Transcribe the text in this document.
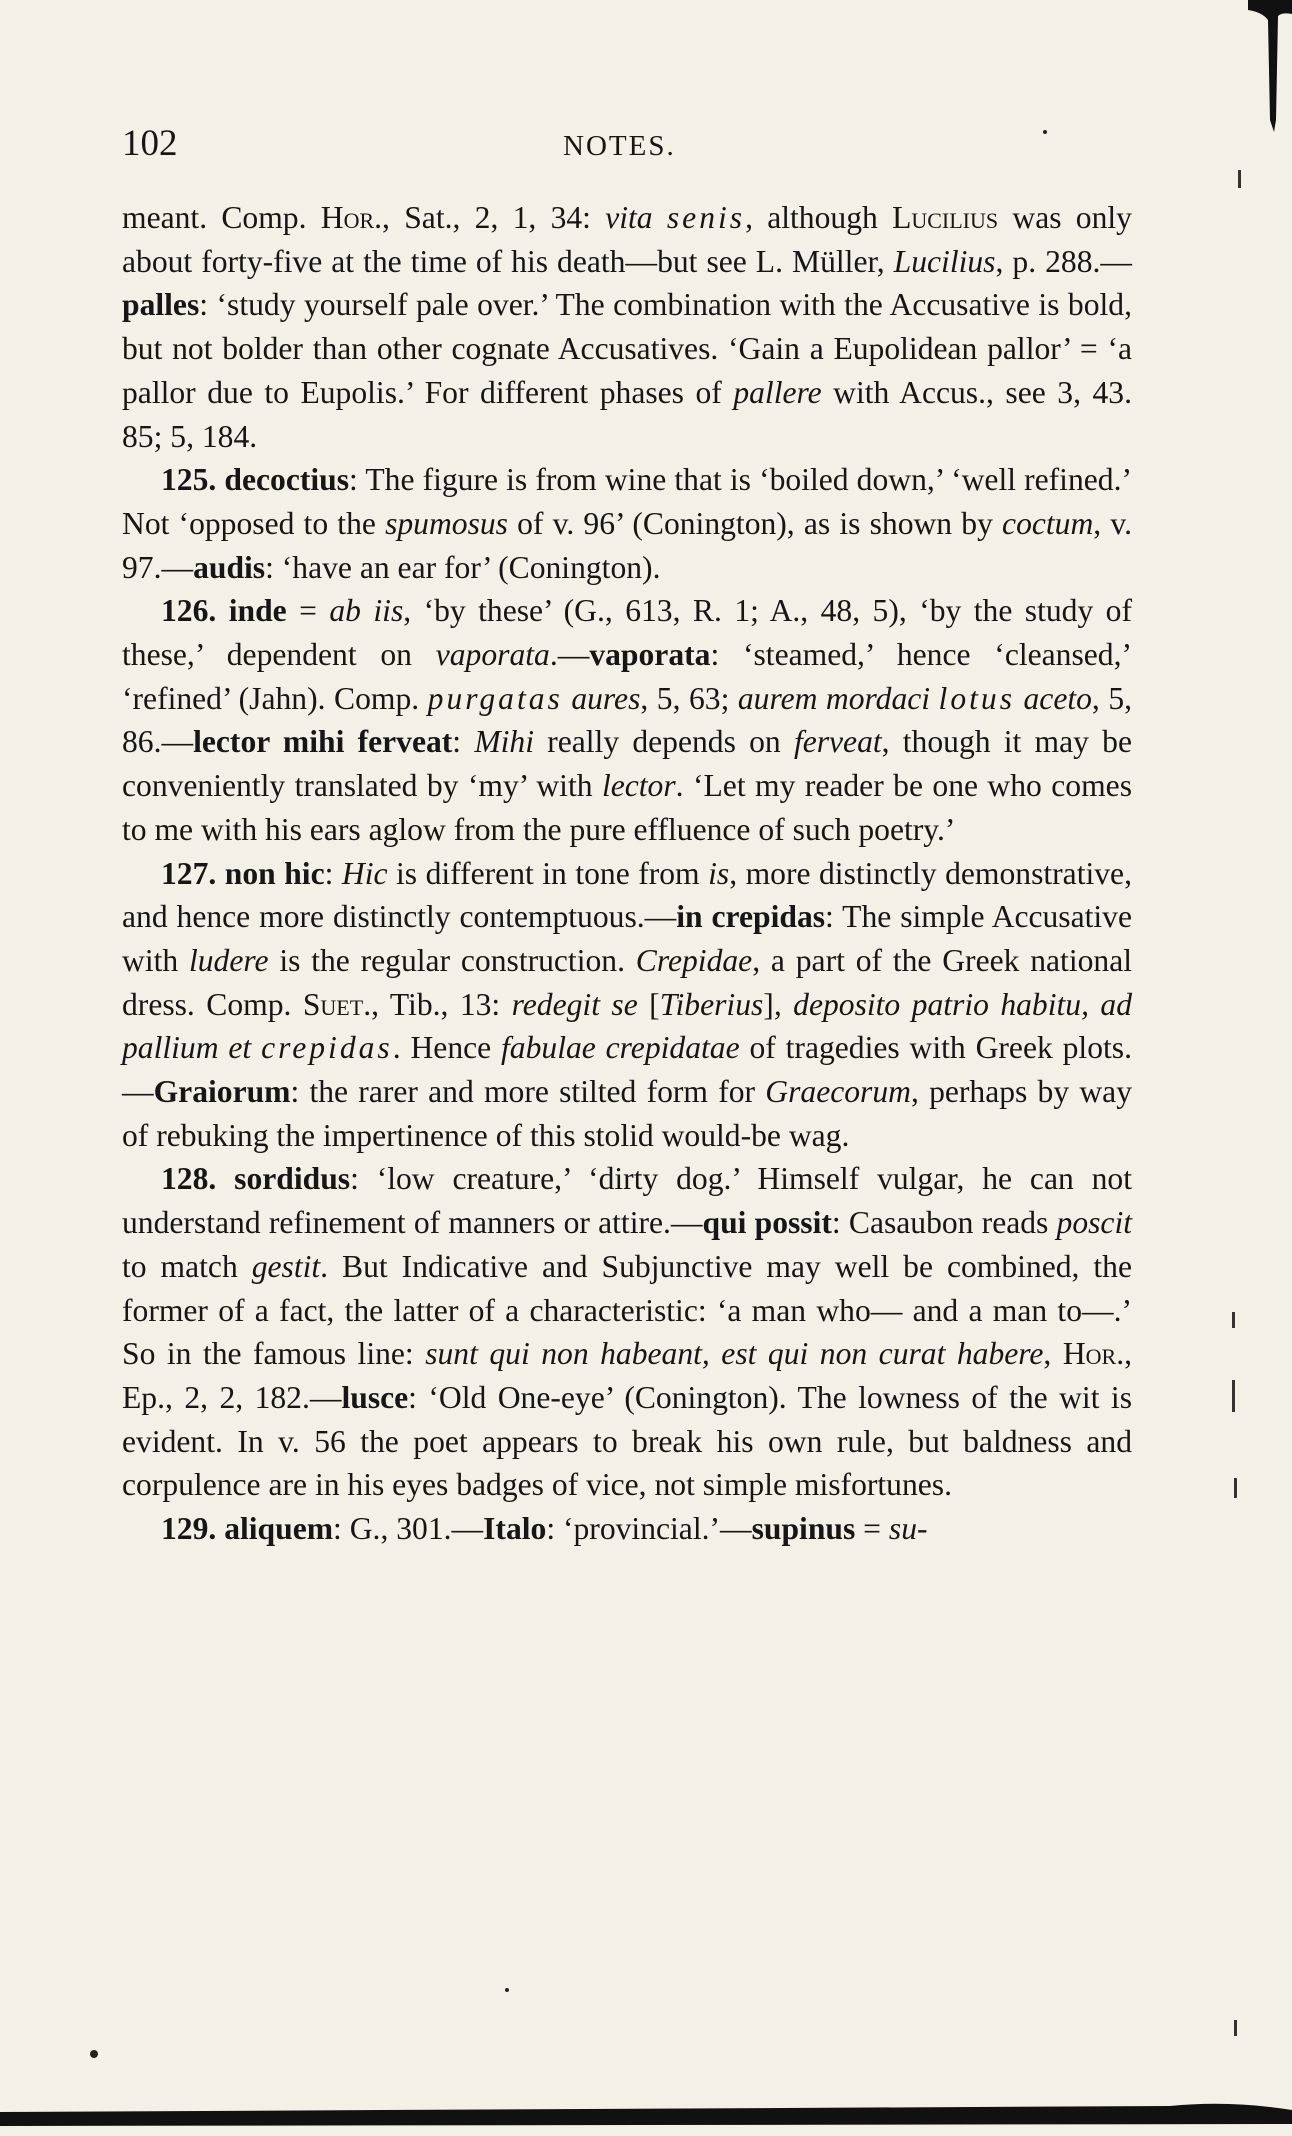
102	NOTES.

meant. Comp. Hor., Sat., 2, 1, 34: vita senis, although Lucilius was only about forty-five at the time of his death—but see L. Müller, Lucilius, p. 288.—palles: ‘study yourself pale over.’ The combination with the Accusative is bold, but not bolder than other cognate Accusatives. ‘Gain a Eupolidean pallor’ = ‘a pallor due to Eupolis.’ For different phases of pallere with Accus., see 3, 43. 85; 5, 184.

125. decoctius: The figure is from wine that is ‘boiled down,’ ‘well refined.’ Not ‘opposed to the spumosus of v. 96’ (Conington), as is shown by coctum, v. 97.—audis: ‘have an ear for’ (Conington).

126. inde = ab iis, ‘by these’ (G., 613, R. 1; A., 48, 5), ‘by the study of these,’ dependent on vaporata.—vaporata: ‘steamed,’ hence ‘cleansed,’ ‘refined’ (Jahn). Comp. purgatas aures, 5, 63; aurem mordaci lotus aceto, 5, 86.—lector mihi ferveat: Mihi really depends on ferveat, though it may be conveniently translated by ‘my’ with lector. ‘Let my reader be one who comes to me with his ears aglow from the pure effluence of such poetry.’

127. non hic: Hic is different in tone from is, more distinctly demonstrative, and hence more distinctly contemptuous.—in crepidas: The simple Accusative with ludere is the regular construction. Crepidae, a part of the Greek national dress. Comp. Suet., Tib., 13: redegit se [Tiberius], deposito patrio habitu, ad pallium et crepidas. Hence fabulae crepidatae of tragedies with Greek plots.—Graiorum: the rarer and more stilted form for Graecorum, perhaps by way of rebuking the impertinence of this stolid would-be wag.

128. sordidus: ‘low creature,’ ‘dirty dog.’ Himself vulgar, he can not understand refinement of manners or attire.—qui possit: Casaubon reads poscit to match gestit. But Indicative and Subjunctive may well be combined, the former of a fact, the latter of a characteristic: ‘a man who— and a man to—.’ So in the famous line: sunt qui non habeant, est qui non curat habere, Hor., Ep., 2, 2, 182.—lusce: ‘Old One-eye’ (Conington). The lowness of the wit is evident. In v. 56 the poet appears to break his own rule, but baldness and corpulence are in his eyes badges of vice, not simple misfortunes.

129. aliquem: G., 301.—Italo: ‘provincial.’—supinus = su-
